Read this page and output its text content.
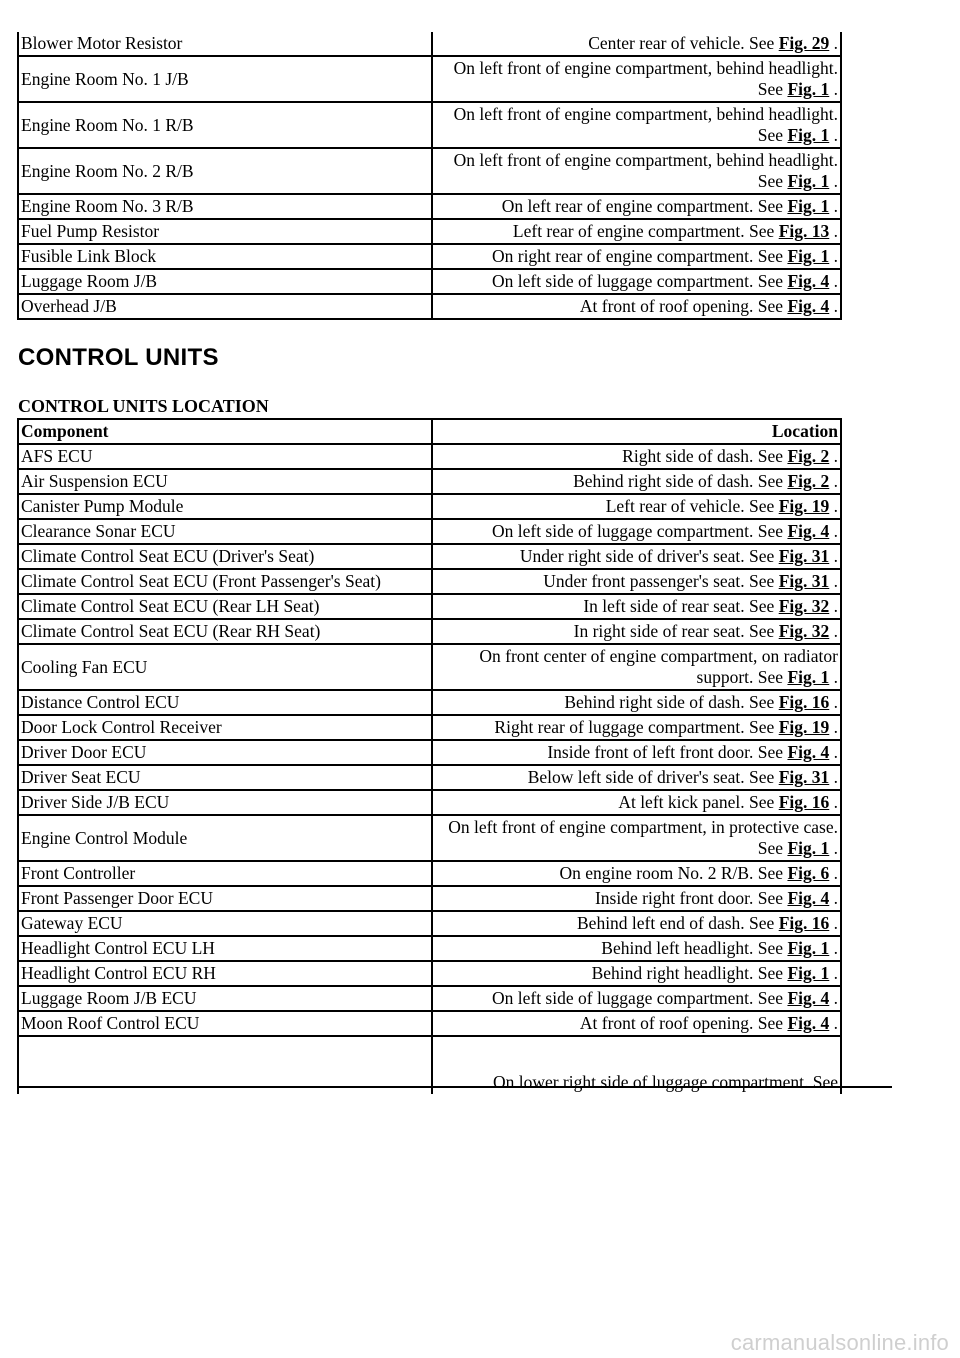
Blower Motor Resistor	Center rear of vehicle. See Fig. 29 .
Engine Room No. 1 J/B	On left front of engine compartment, behind headlight. See Fig. 1 .
Engine Room No. 1 R/B	On left front of engine compartment, behind headlight. See Fig. 1 .
Engine Room No. 2 R/B	On left front of engine compartment, behind headlight. See Fig. 1 .
Engine Room No. 3 R/B	On left rear of engine compartment. See Fig. 1 .
Fuel Pump Resistor	Left rear of engine compartment. See Fig. 13 .
Fusible Link Block	On right rear of engine compartment. See Fig. 1 .
Luggage Room J/B	On left side of luggage compartment. See Fig. 4 .
Overhead J/B	At front of roof opening. See Fig. 4 .
CONTROL UNITS
CONTROL UNITS LOCATION
Component	Location
AFS ECU	Right side of dash. See Fig. 2 .
Air Suspension ECU	Behind right side of dash. See Fig. 2 .
Canister Pump Module	Left rear of vehicle. See Fig. 19 .
Clearance Sonar ECU	On left side of luggage compartment. See Fig. 4 .
Climate Control Seat ECU (Driver's Seat)	Under right side of driver's seat. See Fig. 31 .
Climate Control Seat ECU (Front Passenger's Seat)	Under front passenger's seat. See Fig. 31 .
Climate Control Seat ECU (Rear LH Seat)	In left side of rear seat. See Fig. 32 .
Climate Control Seat ECU (Rear RH Seat)	In right side of rear seat. See Fig. 32 .
Cooling Fan ECU	On front center of engine compartment, on radiator support. See Fig. 1 .
Distance Control ECU	Behind right side of dash. See Fig. 16 .
Door Lock Control Receiver	Right rear of luggage compartment. See Fig. 19 .
Driver Door ECU	Inside front of left front door. See Fig. 4 .
Driver Seat ECU	Below left side of driver's seat. See Fig. 31 .
Driver Side J/B ECU	At left kick panel. See Fig. 16 .
Engine Control Module	On left front of engine compartment, in protective case. See Fig. 1 .
Front Controller	On engine room No. 2 R/B. See Fig. 6 .
Front Passenger Door ECU	Inside right front door. See Fig. 4 .
Gateway ECU	Behind left end of dash. See Fig. 16 .
Headlight Control ECU LH	Behind left headlight. See Fig. 1 .
Headlight Control ECU RH	Behind right headlight. See Fig. 1 .
Luggage Room J/B ECU	On left side of luggage compartment. See Fig. 4 .
Moon Roof Control ECU	At front of roof opening. See Fig. 4 .
	On lower right side of luggage compartment. See
carmanualsonline.info
